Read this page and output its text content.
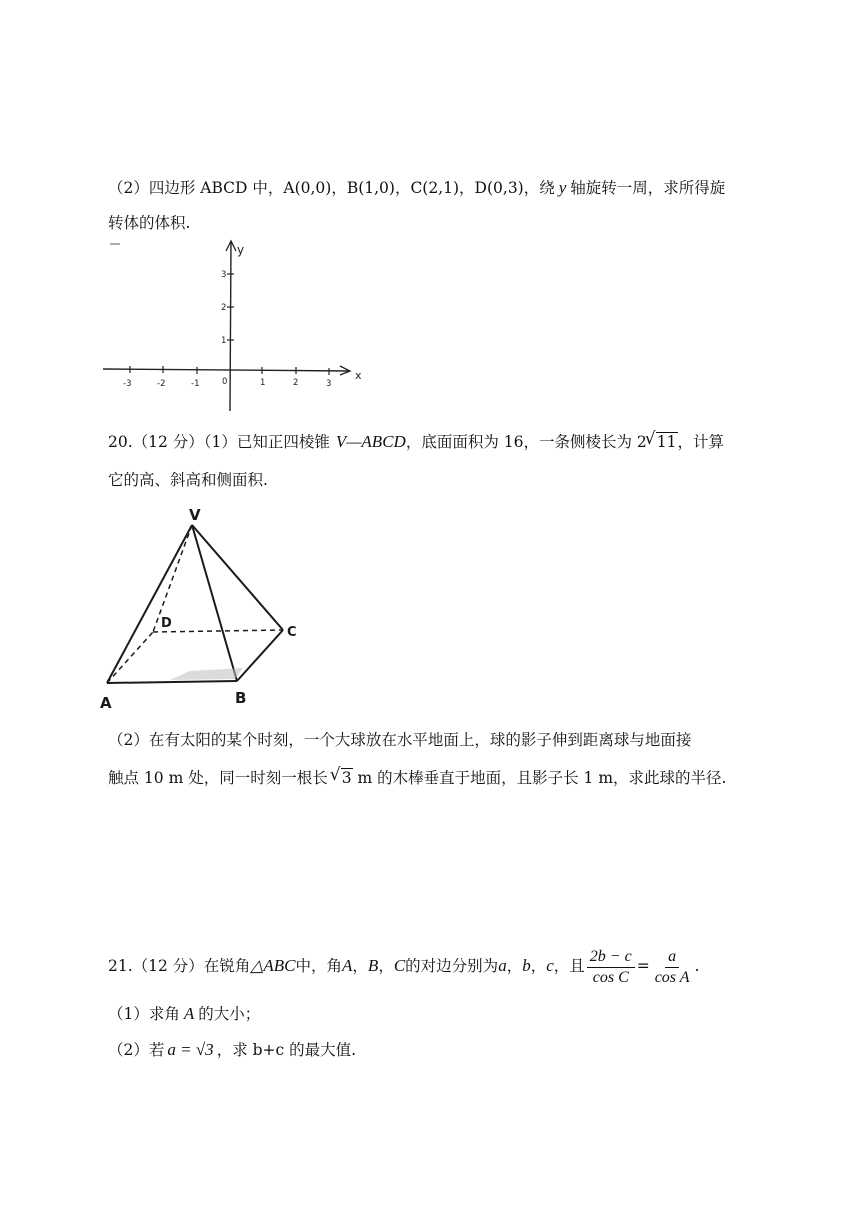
（2）四边形 ABCD 中，A(0,0)，B(1,0)，C(2,1)，D(0,3)，绕 y 轴旋转一周，求所得旋
转体的体积.
-3	-2	-1	0	1	2	3
1
2
3
x
y
20.（12 分）（1）已知正四棱锥 V—ABCD，底面面积为 16，一条侧棱长为 2 √ 11，计算
它的高、斜高和侧面积.
V
D
C
A	B
（2）在有太阳的某个时刻，一个大球放在水平地面上，球的影子伸到距离球与地面接
触点 10 m 处，同一时刻一根长 √ 3 m 的木棒垂直于地面，且影子长 1 m，求此球的半径.
21.（12 分）在锐角△ABC中，角A，B，C的对边分别为a，b，c，且 $\frac{2b - c}{\text{cos C}} = \frac{a}{\text{cos A}}$ .
（1）求角 A 的大小；
（2）若 a = √3 ，求 b+c 的最大值.
